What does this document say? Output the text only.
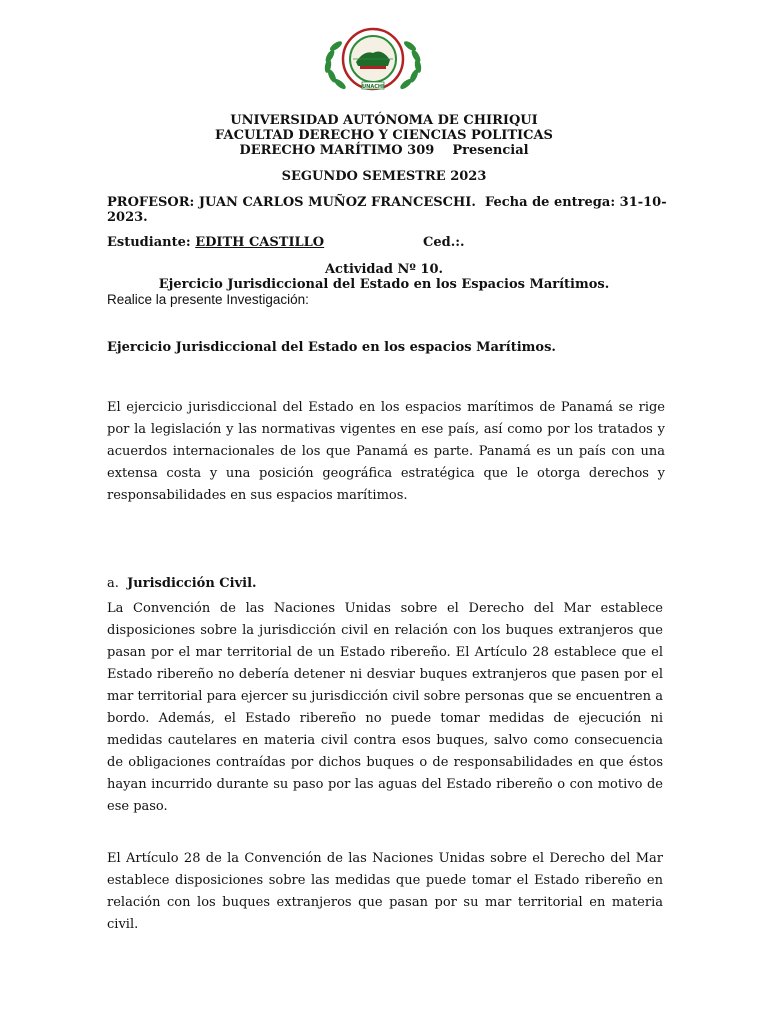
UNACHI
UNIVERSIDAD AUTÓNOMA DE CHIRIQUI
FACULTAD DERECHO Y CIENCIAS POLITICAS
DERECHO MARÍTIMO 309 Presencial
SEGUNDO SEMESTRE 2023
PROFESOR: JUAN CARLOS MUÑOZ FRANCESCHI.  Fecha de entrega: 31-10-
2023.
Estudiante: EDITH CASTILLO	Ced.:.
Actividad Nº 10.
Ejercicio Jurisdiccional del Estado en los Espacios Marítimos.
Realice la presente Investigación:
Ejercicio Jurisdiccional del Estado en los espacios Marítimos.
El ejercicio jurisdiccional del Estado en los espacios marítimos de Panamá se rige por la legislación y las normativas vigentes en ese país, así como por los tratados y acuerdos internacionales de los que Panamá es parte. Panamá es un país con una extensa costa y una posición geográfica estratégica que le otorga derechos y responsabilidades en sus espacios marítimos.
a. Jurisdicción Civil.
La Convención de las Naciones Unidas sobre el Derecho del Mar establece disposiciones sobre la jurisdicción civil en relación con los buques extranjeros que pasan por el mar territorial de un Estado ribereño. El Artículo 28 establece que el Estado ribereño no debería detener ni desviar buques extranjeros que pasen por el mar territorial para ejercer su jurisdicción civil sobre personas que se encuentren a bordo. Además, el Estado ribereño no puede tomar medidas de ejecución ni medidas cautelares en materia civil contra esos buques, salvo como consecuencia de obligaciones contraídas por dichos buques o de responsabilidades en que éstos hayan incurrido durante su paso por las aguas del Estado ribereño o con motivo de ese paso.
El Artículo 28 de la Convención de las Naciones Unidas sobre el Derecho del Mar establece disposiciones sobre las medidas que puede tomar el Estado ribereño en relación con los buques extranjeros que pasan por su mar territorial en materia civil.
